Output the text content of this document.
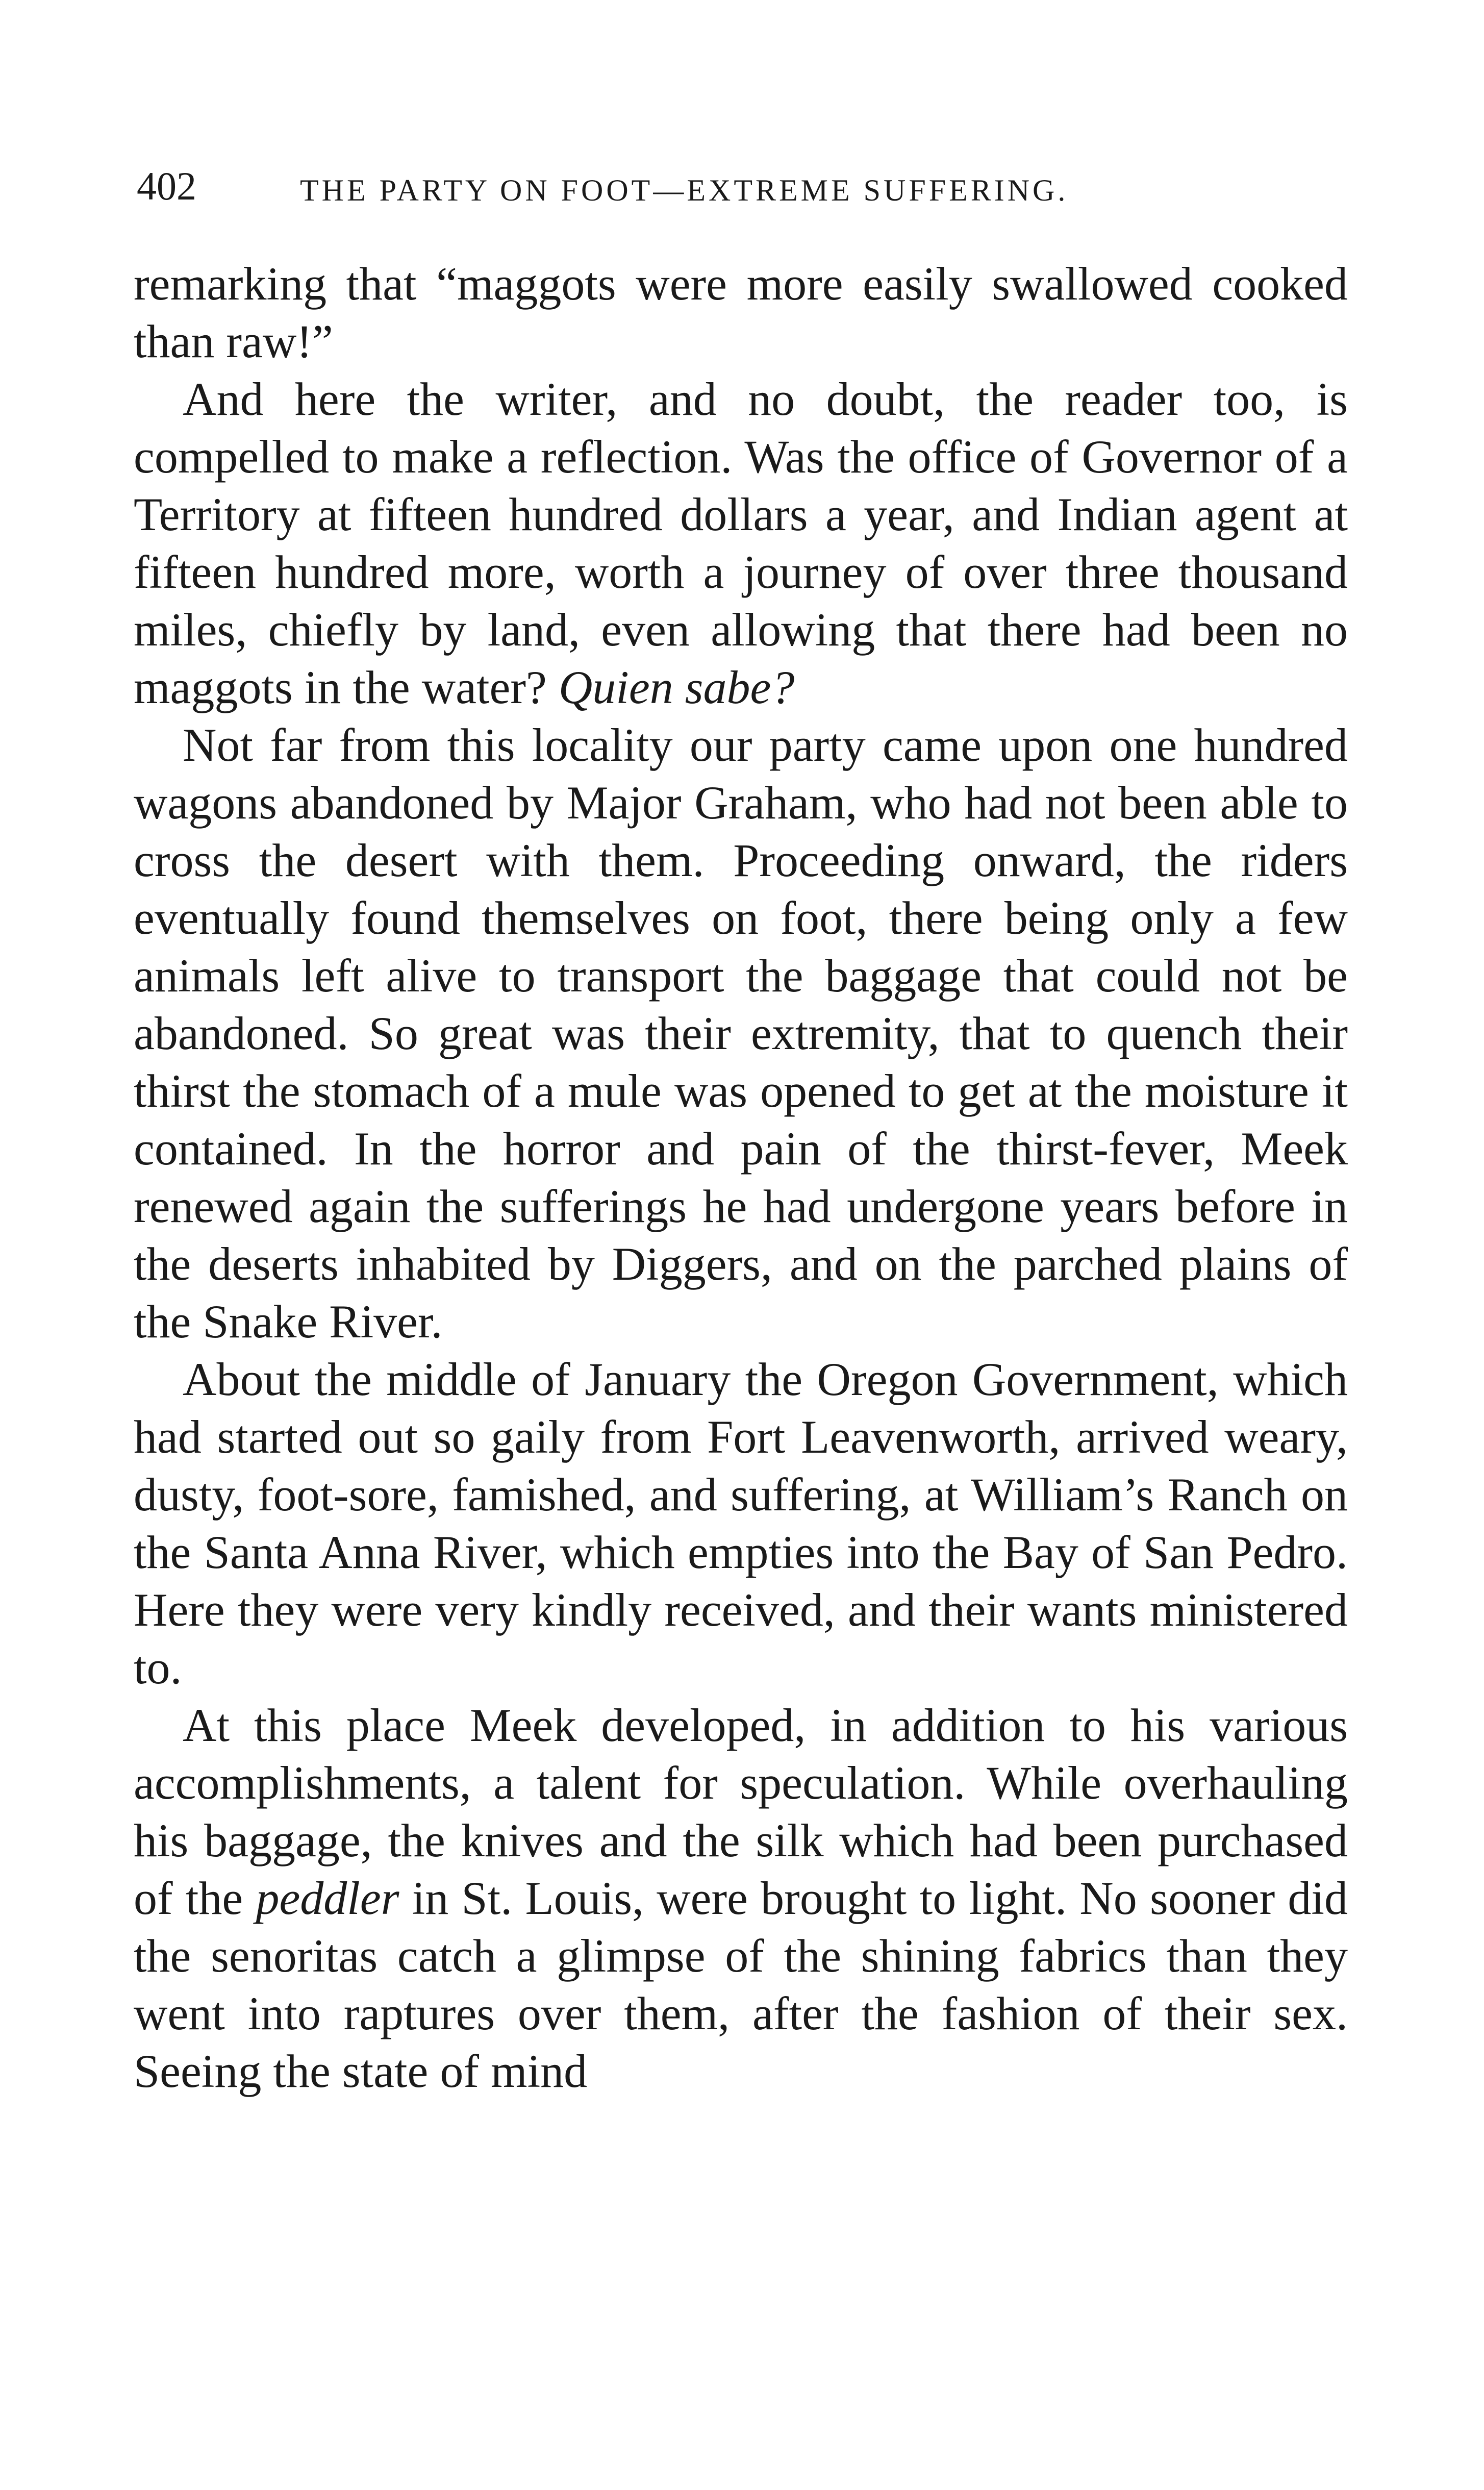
402	THE PARTY ON FOOT—EXTREME SUFFERING.

remarking that “maggots were more easily swallowed cooked than raw!”

And here the writer, and no doubt, the reader too, is compelled to make a reflection. Was the office of Governor of a Territory at fifteen hundred dollars a year, and Indian agent at fifteen hundred more, worth a journey of over three thousand miles, chiefly by land, even allowing that there had been no maggots in the water? Quien sabe?

Not far from this locality our party came upon one hundred wagons abandoned by Major Graham, who had not been able to cross the desert with them. Proceeding onward, the riders eventually found themselves on foot, there being only a few animals left alive to transport the baggage that could not be abandoned. So great was their extremity, that to quench their thirst the stomach of a mule was opened to get at the moisture it contained. In the horror and pain of the thirst-fever, Meek renewed again the sufferings he had undergone years before in the deserts inhabited by Diggers, and on the parched plains of the Snake River.

About the middle of January the Oregon Government, which had started out so gaily from Fort Leavenworth, arrived weary, dusty, foot-sore, famished, and suffering, at William’s Ranch on the Santa Anna River, which empties into the Bay of San Pedro. Here they were very kindly received, and their wants ministered to.

At this place Meek developed, in addition to his various accomplishments, a talent for speculation. While overhauling his baggage, the knives and the silk which had been purchased of the peddler in St. Louis, were brought to light. No sooner did the senoritas catch a glimpse of the shining fabrics than they went into raptures over them, after the fashion of their sex. Seeing the state of mind
